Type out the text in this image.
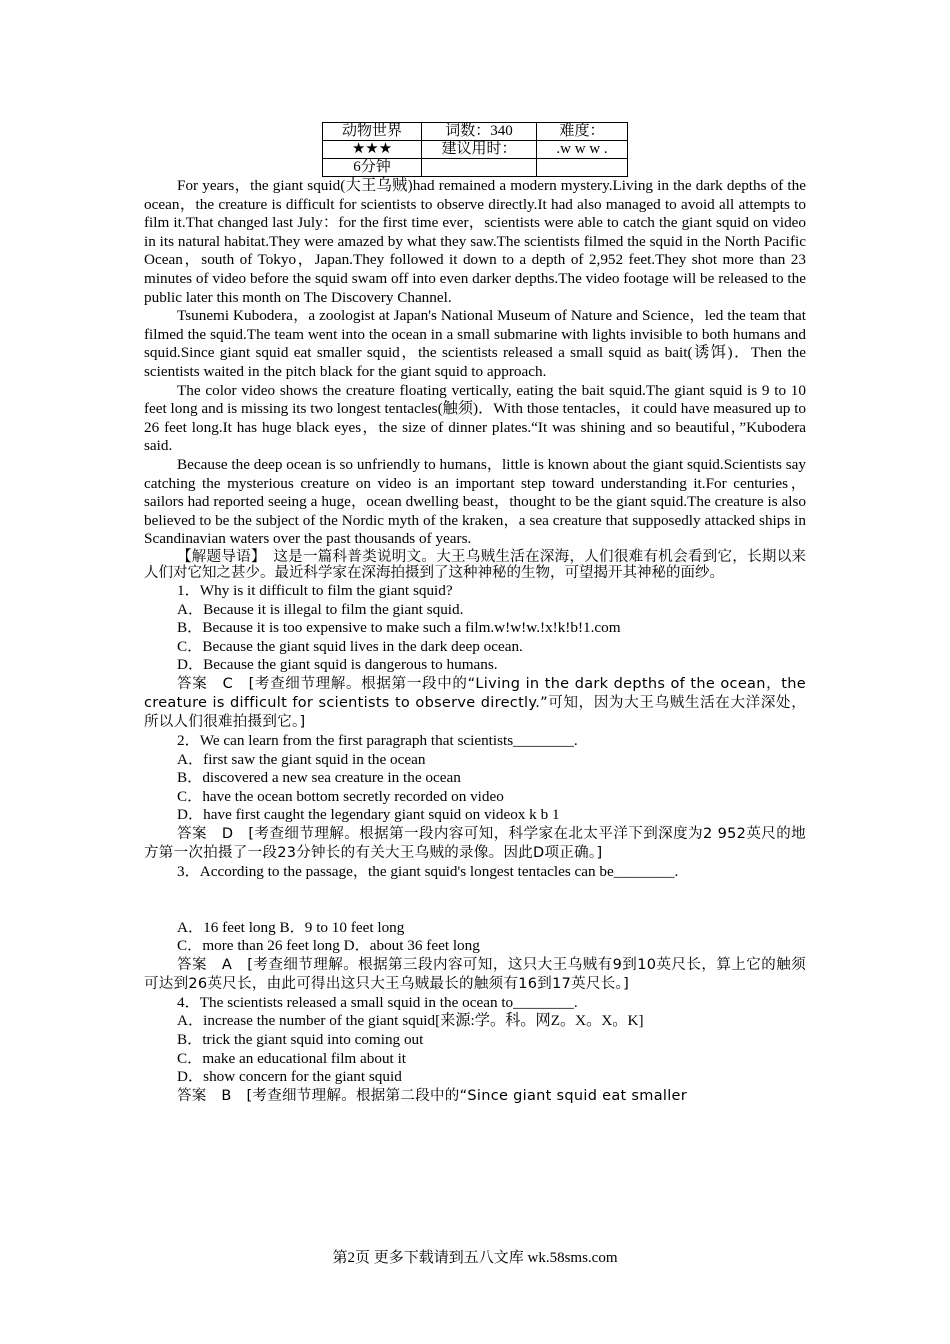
动物世界	词数：340	难度：
★★★	建议用时：	.w w w .
6分钟		

For years，the giant squid(大王乌贼)had remained a modern mystery.Living in the dark depths of the ocean，the creature is difficult for scientists to observe directly.It had also managed to avoid all attempts to film it.That changed last July：for the first time ever，scientists were able to catch the giant squid on video in its natural habitat.They were amazed by what they saw.The scientists filmed the squid in the North Pacific Ocean，south of Tokyo，Japan.They followed it down to a depth of 2,952 feet.They shot more than 23 minutes of video before the squid swam off into even darker depths.The video footage will be released to the public later this month on The Discovery Channel.

Tsunemi Kubodera，a zoologist at Japan's National Museum of Nature and Science，led the team that filmed the squid.The team went into the ocean in a small submarine with lights invisible to both humans and squid.Since giant squid eat smaller squid，the scientists released a small squid as bait(诱饵)．Then the scientists waited in the pitch black for the giant squid to approach.

The color video shows the creature floating vertically, eating the bait squid.The giant squid is 9 to 10 feet long and is missing its two longest tentacles(触须)．With those tentacles，it could have measured up to 26 feet long.It has huge black eyes，the size of dinner plates.“It was shining and so beautiful，”Kubodera said.

Because the deep ocean is so unfriendly to humans，little is known about the giant squid.Scientists say catching the mysterious creature on video is an important step toward understanding it.For centuries，sailors had reported seeing a huge，ocean dwelling beast，thought to be the giant squid.The creature is also believed to be the subject of the Nordic myth of the kraken，a sea creature that supposedly attacked ships in Scandinavian waters over the past thousands of years.

【解题导语】　这是一篇科普类说明文。大王乌贼生活在深海，人们很难有机会看到它，长期以来人们对它知之甚少。最近科学家在深海拍摄到了这种神秘的生物，可望揭开其神秘的面纱。

1．Why is it difficult to film the giant squid?

A．Because it is illegal to film the giant squid.

B．Because it is too expensive to make such a film.w!w!w.!x!k!b!1.com

C．Because the giant squid lives in the dark deep ocean.

D．Because the giant squid is dangerous to humans.

答案　C　[考查细节理解。根据第一段中的“Living in the dark depths of the ocean，the creature is difficult for scientists to observe directly.”可知，因为大王乌贼生活在大洋深处，所以人们很难拍摄到它。]

2．We can learn from the first paragraph that scientists________.

A．first saw the giant squid in the ocean

B．discovered a new sea creature in the ocean

C．have the ocean bottom secretly recorded on video

D．have first caught the legendary giant squid on videox k b 1

答案　D　[考查细节理解。根据第一段内容可知，科学家在北太平洋下到深度为2 952英尺的地方第一次拍摄了一段23分钟长的有关大王乌贼的录像。因此D项正确。]

3．According to the passage，the giant squid's longest tentacles can be________.

A．16 feet long B．9 to 10 feet long

C．more than 26 feet long D．about 36 feet long

答案　A　[考查细节理解。根据第三段内容可知，这只大王乌贼有9到10英尺长，算上它的触须可达到26英尺长，由此可得出这只大王乌贼最长的触须有16到17英尺长。]

4．The scientists released a small squid in the ocean to________.

A．increase the number of the giant squid[来源:学。科。网Z。X。X。K]

B．trick the giant squid into coming out

C．make an educational film about it

D．show concern for the giant squid

答案　B　[考查细节理解。根据第二段中的“Since giant squid eat smaller

第2页 更多下载请到五八文库 wk.58sms.com
